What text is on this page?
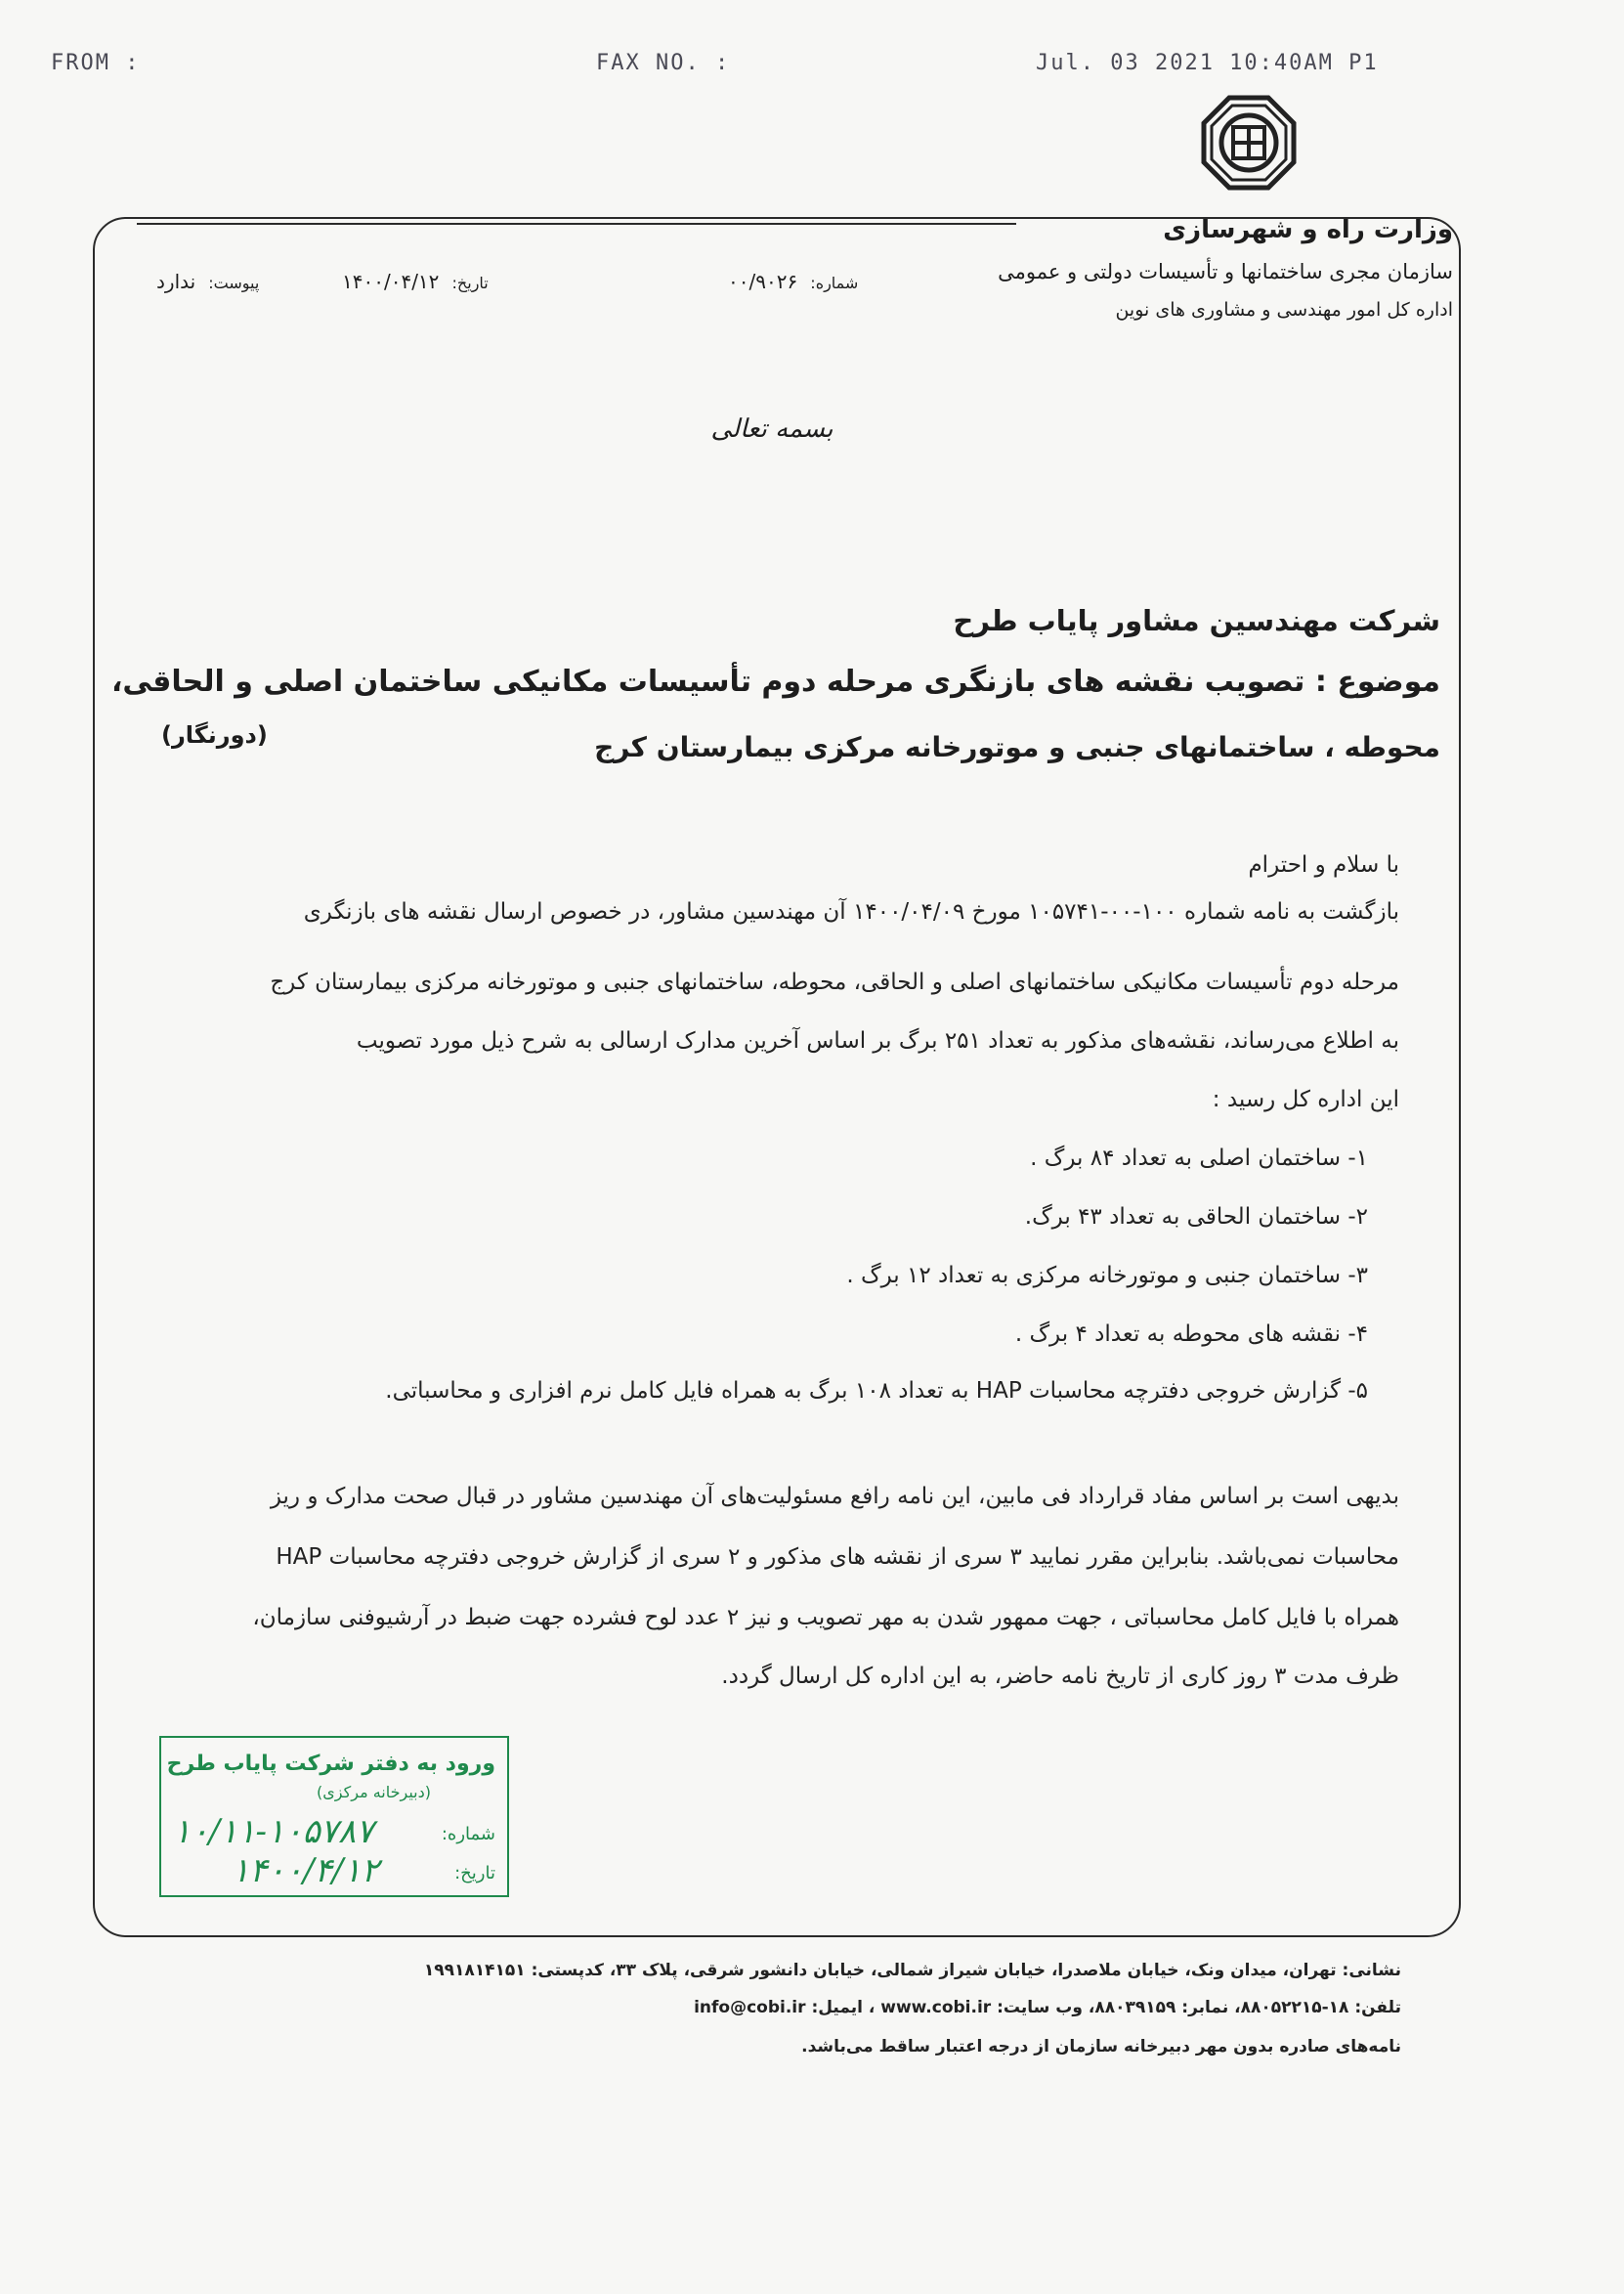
FROM :	FAX NO. :	Jul. 03 2021 10:40AM P1
وزارت راه و شهرسازی
سازمان مجری ساختمانها و تأسیسات دولتی و عمومی
اداره کل امور مهندسی و مشاوری های نوین
شماره: ۰۰/۹۰۲۶
تاریخ: ۱۴۰۰/۰۴/۱۲
پیوست: ندارد
بسمه تعالی
شرکت مهندسین مشاور پایاب طرح
موضوع : تصویب نقشه های بازنگری مرحله دوم تأسیسات مکانیکی ساختمان اصلی و الحاقی،
محوطه ، ساختمانهای جنبی و موتورخانه مرکزی بیمارستان کرج
(دورنگار)
با سلام و احترام
بازگشت به نامه شماره ۱۰۰-۰۰-۱۰۵۷۴۱ مورخ ۱۴۰۰/۰۴/۰۹ آن مهندسین مشاور، در خصوص ارسال نقشه های بازنگری
مرحله دوم تأسیسات مکانیکی ساختمانهای اصلی و الحاقی، محوطه، ساختمانهای جنبی و موتورخانه مرکزی بیمارستان کرج
به اطلاع می‌رساند، نقشه‌های مذکور به تعداد ۲۵۱ برگ بر اساس آخرین مدارک ارسالی به شرح ذیل مورد تصویب
این اداره کل رسید :
۱- ساختمان اصلی به تعداد ۸۴ برگ .
۲- ساختمان الحاقی به تعداد ۴۳ برگ.
۳- ساختمان جنبی و موتورخانه مرکزی به تعداد ۱۲ برگ .
۴- نقشه های محوطه به تعداد ۴ برگ .
۵- گزارش خروجی دفترچه محاسبات HAP به تعداد ۱۰۸ برگ به همراه فایل کامل نرم افزاری و محاسباتی.
بدیهی است بر اساس مفاد قرارداد فی مابین، این نامه رافع مسئولیت‌های آن مهندسین مشاور در قبال صحت مدارک و ریز
محاسبات نمی‌باشد. بنابراین مقرر نمایید ۳ سری از نقشه های مذکور و ۲ سری از گزارش خروجی دفترچه محاسبات HAP
همراه با فایل کامل محاسباتی ، جهت ممهور شدن به مهر تصویب و نیز ۲ عدد لوح فشرده جهت ضبط در آرشیوفنی سازمان،
ظرف مدت ۳ روز کاری از تاریخ نامه حاضر، به این اداره کل ارسال گردد.
ورود به دفتر شرکت پایاب طرح
(دبیرخانه مرکزی)
شماره:
تاریخ:
۱۰/۱۱-۱۰۵۷۸۷
۱۴۰۰/۴/۱۲
نشانی: تهران، میدان ونک، خیابان ملاصدرا، خیابان شیراز شمالی، خیابان دانشور شرقی، پلاک ۳۳، کدپستی: ۱۹۹۱۸۱۴۱۵۱
تلفن: ۱۸-۸۸۰۵۲۲۱۵، نمابر: ۸۸۰۳۹۱۵۹، وب سایت: www.cobi.ir ، ایمیل: info@cobi.ir
نامه‌های صادره بدون مهر دبیرخانه سازمان از درجه اعتبار ساقط می‌باشد.
